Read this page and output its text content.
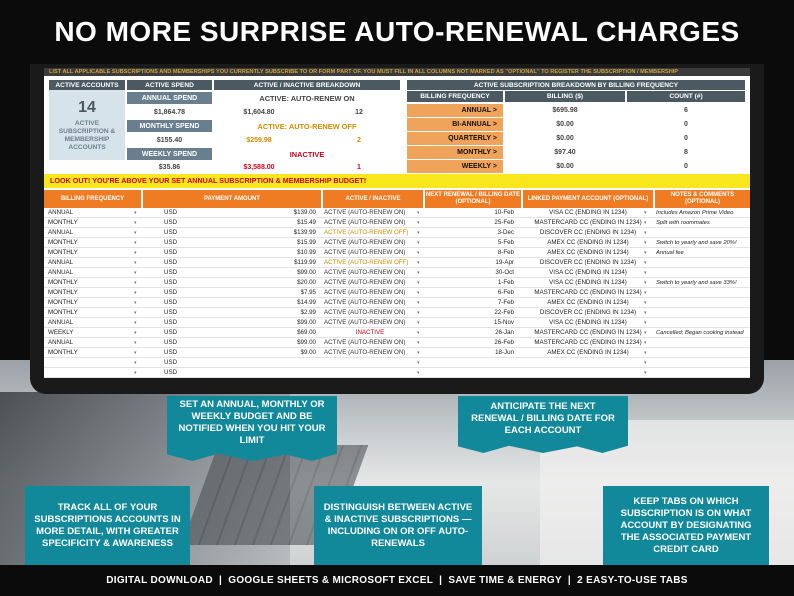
NO MORE SURPRISE AUTO-RENEWAL CHARGES
LIST ALL APPLICABLE SUBSCRIPTIONS AND MEMBERSHIPS YOU CURRENTLY SUBSCRIBE TO OR FORM PART OF. YOU MUST FILL IN ALL COLUMNS NOT MARKED AS "OPTIONAL" TO REGISTER THE SUBSCRIPTION / MEMBERSHIP
ACTIVE ACCOUNTS
14
ACTIVE SUBSCRIPTION & MEMBERSHIP ACCOUNTS
ACTIVE SPEND
ANNUAL SPEND
$1,864.78
MONTHLY SPEND
$155.40
WEEKLY SPEND
$35.86
ACTIVE / INACTIVE BREAKDOWN
ACTIVE: AUTO-RENEW ON
$1,604.80	12
ACTIVE: AUTO-RENEW OFF
$259.98	2
INACTIVE
$3,588.00	1
ACTIVE SUBSCRIPTION BREAKDOWN BY BILLING FREQUENCY
BILLING FREQUENCY	BILLING ($)	COUNT (#)
ANNUAL >	$695.98	6
BI-ANNUAL >	$0.00	0
QUARTERLY >	$0.00	0
MONTHLY >	$97.40	8
WEEKLY >	$0.00	0
LOOK OUT! YOU'RE ABOVE YOUR SET ANNUAL SUBSCRIPTION & MEMBERSHIP BUDGET!
BILLING FREQUENCY	PAYMENT AMOUNT	ACTIVE / INACTIVE
NEXT RENEWAL / BILLING DATE (OPTIONAL)
LINKED PAYMENT ACCOUNT (OPTIONAL)
NOTES & COMMENTS (OPTIONAL)
ANNUAL	USD	$139.00 ACTIVE (AUTO-RENEW ON)	10-Feb	VISA CC (ENDING IN 1234)	Includes Amazon Prime Video
▾	▾	▾
MONTHLY	USD	$15.49 ACTIVE (AUTO-RENEW ON)	25-Feb	MASTERCARD CC (ENDING IN 1234)	Split with roommates
▾	▾	▾
ANNUAL	USD	$139.99 ACTIVE (AUTO-RENEW OFF)	3-Dec	DISCOVER CC (ENDING IN 1234)
▾	▾	▾
MONTHLY	USD	$15.99 ACTIVE (AUTO-RENEW ON)	5-Feb	AMEX CC (ENDING IN 1234)	Switch to yearly and save 20%!
▾	▾	▾
MONTHLY	USD	$10.99 ACTIVE (AUTO-RENEW ON)	8-Feb	AMEX CC (ENDING IN 1234)	Annual fee
▾	▾	▾
ANNUAL	USD	$119.99 ACTIVE (AUTO-RENEW OFF)	19-Apr	DISCOVER CC (ENDING IN 1234)
▾	▾	▾
ANNUAL	USD	$99.00 ACTIVE (AUTO-RENEW ON)	30-Oct	VISA CC (ENDING IN 1234)
▾	▾	▾
MONTHLY	USD	$20.00 ACTIVE (AUTO-RENEW ON)	1-Feb	VISA CC (ENDING IN 1234)	Switch to yearly and save 33%!
▾	▾	▾
MONTHLY	USD	$7.95 ACTIVE (AUTO-RENEW ON)	6-Feb	MASTERCARD CC (ENDING IN 1234)
▾	▾	▾
MONTHLY	USD	$14.99 ACTIVE (AUTO-RENEW ON)	7-Feb	AMEX CC (ENDING IN 1234)
▾	▾	▾
MONTHLY	USD	$2.99 ACTIVE (AUTO-RENEW ON)	22-Feb	DISCOVER CC (ENDING IN 1234)
▾	▾	▾
ANNUAL	USD	$99.00 ACTIVE (AUTO-RENEW ON)	15-Nov	VISA CC (ENDING IN 1234)
▾	▾	▾
WEEKLY	USD	$69.00	INACTIVE	26-Jan	MASTERCARD CC (ENDING IN 1234)	Cancelled; Began cooking instead
▾	▾	▾
ANNUAL	USD	$99.00 ACTIVE (AUTO-RENEW ON)	26-Feb	MASTERCARD CC (ENDING IN 1234)
▾	▾	▾
MONTHLY	USD	$9.00 ACTIVE (AUTO-RENEW ON)	18-Jun	AMEX CC (ENDING IN 1234)
▾	▾	▾
USD
▾	▾	▾
USD
▾	▾	▾
SET AN ANNUAL, MONTHLY OR WEEKLY BUDGET AND BE NOTIFIED WHEN YOU HIT YOUR LIMIT
ANTICIPATE THE NEXT RENEWAL / BILLING DATE FOR EACH ACCOUNT
TRACK ALL OF YOUR SUBSCRIPTIONS ACCOUNTS IN MORE DETAIL, WITH GREATER SPECIFICITY & AWARENESS
DISTINGUISH BETWEEN ACTIVE & INACTIVE SUBSCRIPTIONS — INCLUDING ON OR OFF AUTO-RENEWALS
KEEP TABS ON WHICH SUBSCRIPTION IS ON WHAT ACCOUNT BY DESIGNATING THE ASSOCIATED PAYMENT CREDIT CARD
DIGITAL DOWNLOAD  |  GOOGLE SHEETS & MICROSOFT EXCEL  |  SAVE TIME & ENERGY  |  2 EASY-TO-USE TABS
